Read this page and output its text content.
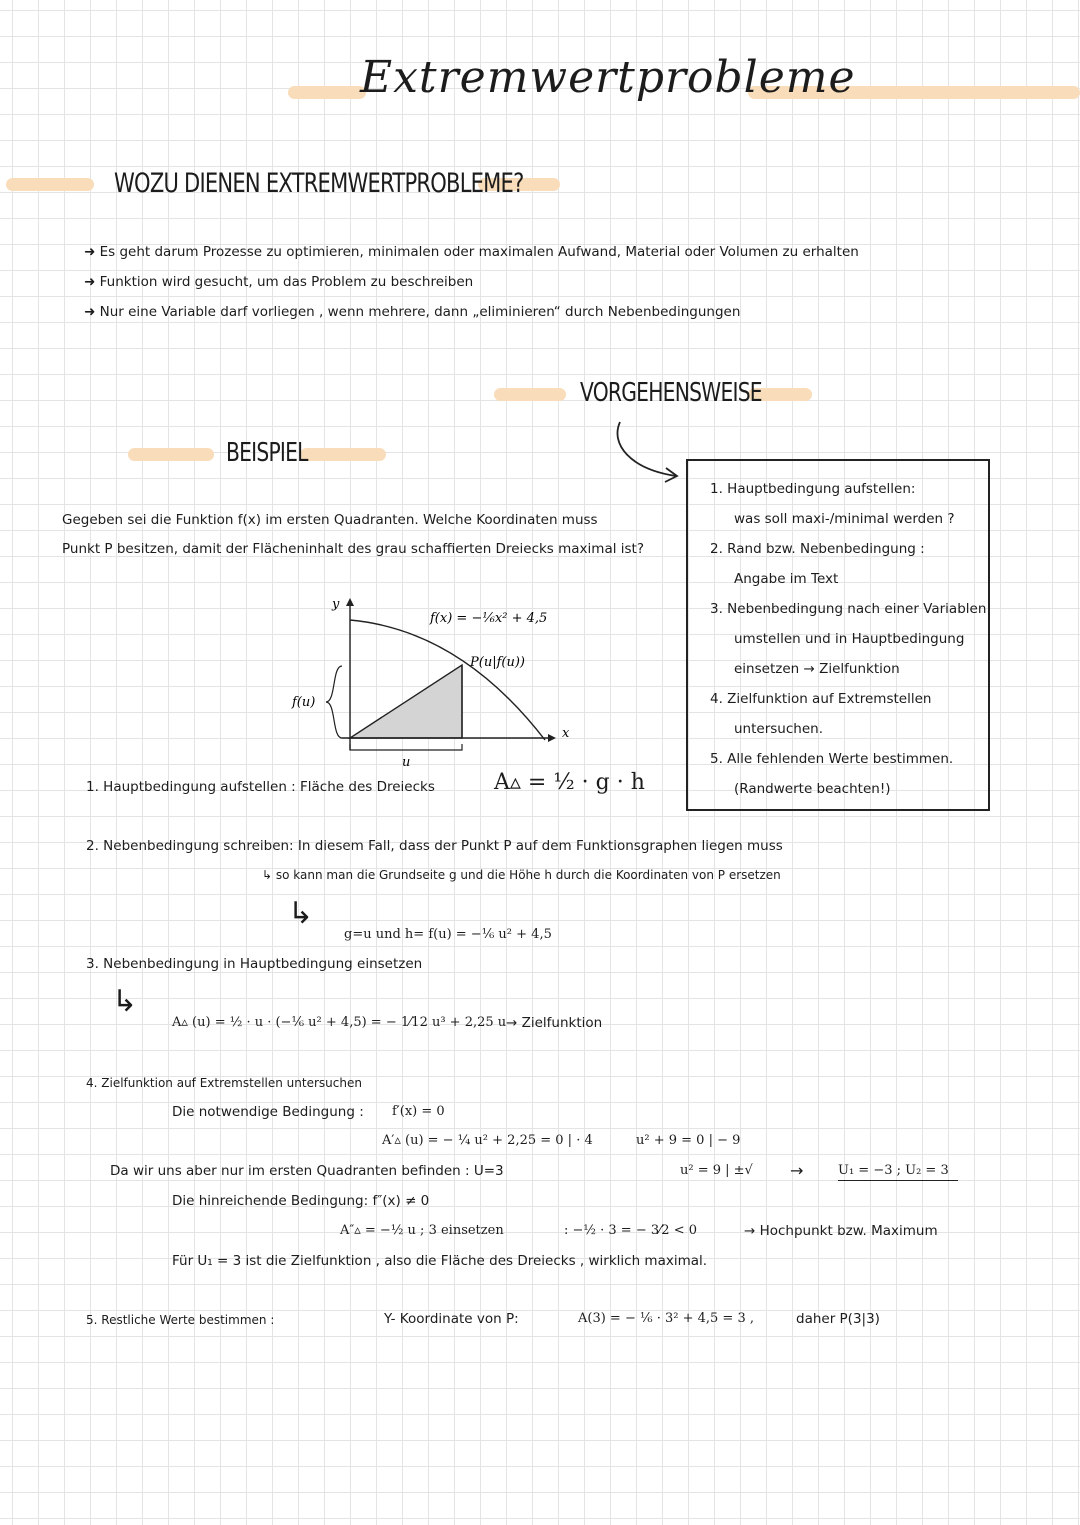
Extremwertprobleme
WOZU DIENEN EXTREMWERTPROBLEME?
➜ Es geht darum Prozesse zu optimieren, minimalen oder maximalen Aufwand, Material oder Volumen zu erhalten
➜ Funktion wird gesucht, um das Problem zu beschreiben
➜ Nur eine Variable darf vorliegen , wenn mehrere, dann „eliminieren“ durch Nebenbedingungen
VORGEHENSWEISE
BEISPIEL
1. Hauptbedingung aufstellen:
was soll maxi-/minimal werden ?
2. Rand bzw. Nebenbedingung :
Angabe im Text
3. Nebenbedingung nach einer Variablen
umstellen und in Hauptbedingung
einsetzen → Zielfunktion
4. Zielfunktion auf Extremstellen
untersuchen.
5. Alle fehlenden Werte bestimmen.
(Randwerte beachten!)
Gegeben sei die Funktion f(x) im ersten Quadranten. Welche Koordinaten muss
Punkt P besitzen, damit der Flächeninhalt des grau schaffierten Dreiecks maximal ist?
y
x
f(x) = −⅙x² + 4,5
P(u|f(u))
f(u)
u
1. Hauptbedingung aufstellen : Fläche des Dreiecks	A▵ = ½ · g · h
2. Nebenbedingung schreiben: In diesem Fall, dass der Punkt P auf dem Funktionsgraphen liegen muss
↳ so kann man die Grundseite g und die Höhe h durch die Koordinaten von P ersetzen
↳
g=u und h= f(u) = −⅙ u² + 4,5
3. Nebenbedingung in Hauptbedingung einsetzen
↳
A▵ (u) = ½ · u · (−⅙ u² + 4,5) = − 1⁄12 u³ + 2,25 u → Zielfunktion
4. Zielfunktion auf Extremstellen untersuchen
Die notwendige Bedingung : f′(x) = 0
A′▵ (u) = − ¼ u² + 2,25 = 0 | · 4	u² + 9 = 0 | − 9
Da wir uns aber nur im ersten Quadranten befinden : U=3	u² = 9 | ±√ →	U₁ = −3 ; U₂ = 3
Die hinreichende Bedingung: f″(x) ≠ 0
A″▵ = −½ u ; 3 einsetzen	: −½ · 3 = − 3⁄2 < 0	→ Hochpunkt bzw. Maximum
Für U₁ = 3 ist die Zielfunktion , also die Fläche des Dreiecks , wirklich maximal.
5. Restliche Werte bestimmen :	Y- Koordinate von P:	A(3) = − ⅙ · 3² + 4,5 = 3 ,	daher P(3|3)
